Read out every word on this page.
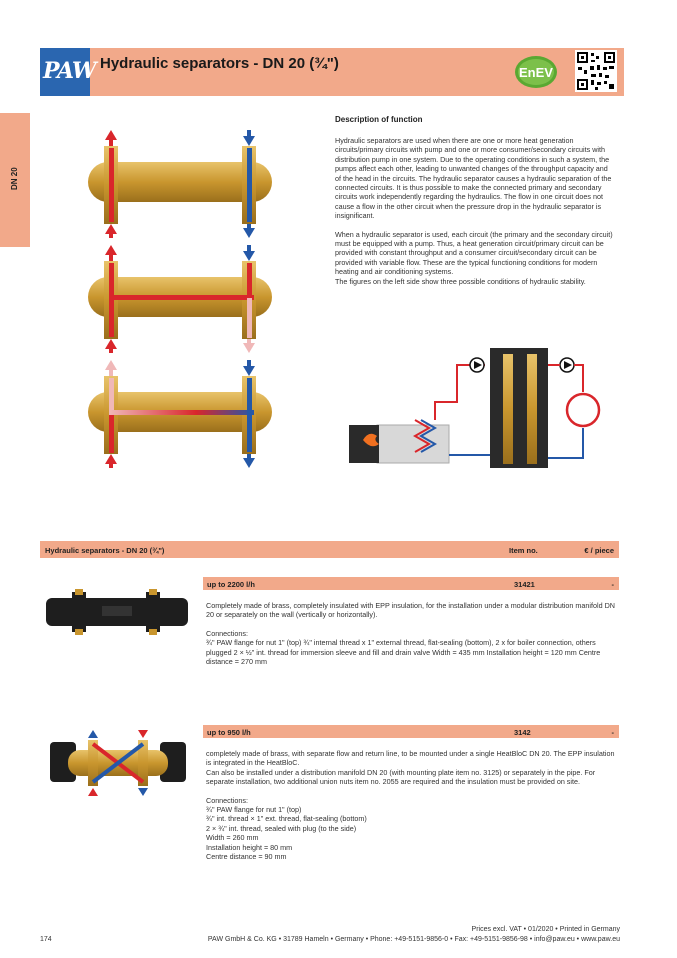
PAW Hydraulic separators - DN 20 (¾")
EnEV
DN 20
Description of function

Hydraulic separators are used when there are one or more heat generation circuits/primary circuits with pump and one or more consumer/secondary circuits with distribution pump in one system. Due to the operating conditions in such a system, the pumps affect each other, leading to unwanted changes of the throughput capacity and of the head in the circuits. The hydraulic separator causes a hydraulic separation of the connected circuits. It is thus possible to make the connected primary and secondary circuits work independently regarding the hydraulics. The flow in one circuit does not cause a flow in the other circuit when the pressure drop in the hydraulic separator is insignificant.

When a hydraulic separator is used, each circuit (the primary and the secondary circuit) must be equipped with a pump. Thus, a heat generation circuit/primary circuit can be provided with constant throughput and a consumer circuit/secondary circuit can be provided with variable flow. These are the typical functioning conditions for modern heating and air conditioning systems.

The figures on the left side show three possible conditions of hydraulic stability.

Hydraulic separators - DN 20 (¾")	Item no.	€ / piece
up to 2200 l/h	31421	-

Completely made of brass, completely insulated with EPP insulation, for the installation under a modular distribution manifold DN 20 or separately on the wall (vertically or horizontally).

Connections:
¾" PAW flange for nut 1" (top) ¾" internal thread x 1" external thread, flat-sealing (bottom), 2 x for boiler connection, others plugged 2 × ½" int. thread for immersion sleeve and fill and drain valve Width = 435 mm Installation height = 120 mm Centre distance = 270 mm
up to 950 l/h	3142	-
completely made of brass, with separate flow and return line, to be mounted under a single HeatBloC DN 20. The EPP insulation is integrated in the HeatBloC.

Can also be installed under a distribution manifold DN 20 (with mounting plate item no. 3125) or separately in the pipe. For separate installation, two additional union nuts item no. 2055 are required and the insulation must be provided on site.

Connections:
¾" PAW flange for nut 1" (top)
¾" int. thread × 1" ext. thread, flat-sealing (bottom)
2 × ¾" int. thread, sealed with plug (to the side)
Width = 260 mm
Installation height = 80 mm
Centre distance = 90 mm
Prices excl. VAT • 01/2020 • Printed in Germany
174	PAW GmbH & Co. KG • 31789 Hameln • Germany • Phone: +49-5151-9856-0 • Fax: +49-5151-9856-98 • info@paw.eu • www.paw.eu
